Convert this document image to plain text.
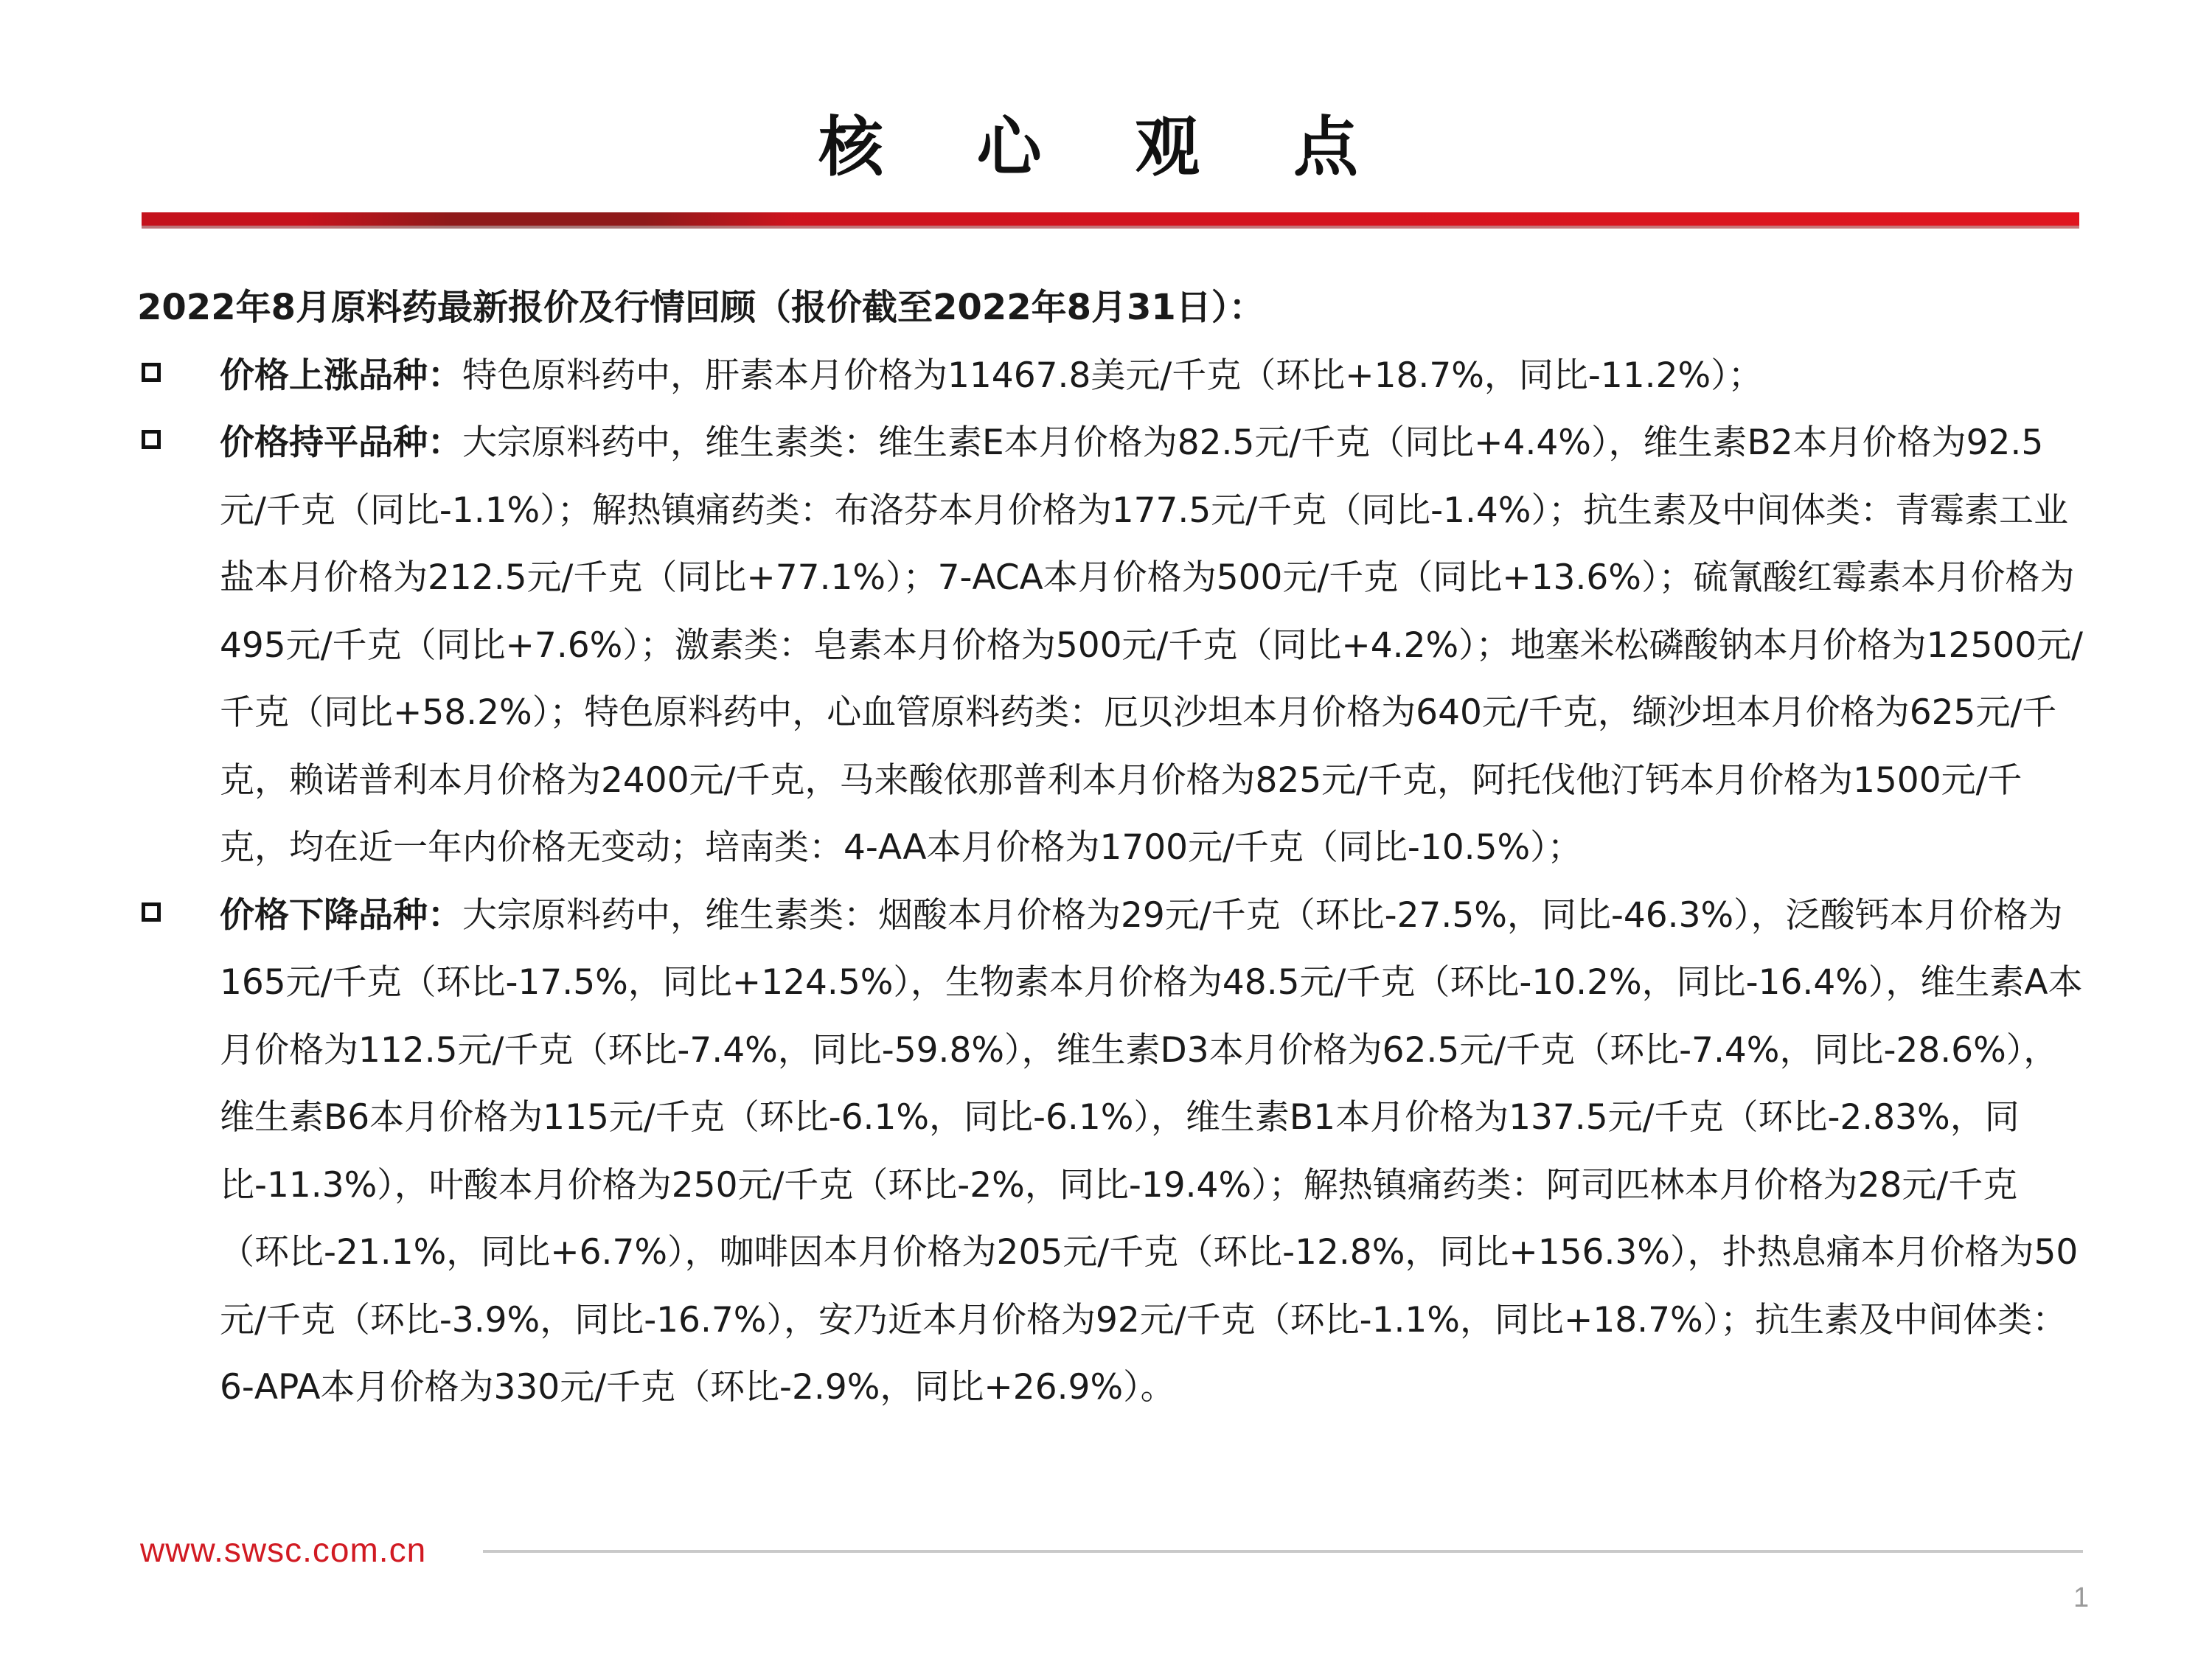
核 心 观 点

2022年8月原料药最新报价及行情回顾（报价截至2022年8月31日）：

价格上涨品种：特色原料药中，肝素本月价格为11467.8美元/千克（环比+18.7%，同比-11.2%）；

价格持平品种：大宗原料药中，维生素类：维生素E本月价格为82.5元/千克（同比+4.4%），维生素B2本月价格为92.5元/千克（同比-1.1%）；解热镇痛药类：布洛芬本月价格为177.5元/千克（同比-1.4%）；抗生素及中间体类：青霉素工业盐本月价格为212.5元/千克（同比+77.1%）；7-ACA本月价格为500元/千克（同比+13.6%）；硫氰酸红霉素本月价格为495元/千克（同比+7.6%）；激素类：皂素本月价格为500元/千克（同比+4.2%）；地塞米松磷酸钠本月价格为12500元/千克（同比+58.2%）；特色原料药中，心血管原料药类：厄贝沙坦本月价格为640元/千克，缬沙坦本月价格为625元/千克，赖诺普利本月价格为2400元/千克，马来酸依那普利本月价格为825元/千克，阿托伐他汀钙本月价格为1500元/千克，均在近一年内价格无变动；培南类：4-AA本月价格为1700元/千克（同比-10.5%）；

价格下降品种：大宗原料药中，维生素类：烟酸本月价格为29元/千克（环比-27.5%，同比-46.3%），泛酸钙本月价格为165元/千克（环比-17.5%，同比+124.5%），生物素本月价格为48.5元/千克（环比-10.2%，同比-16.4%），维生素A本月价格为112.5元/千克（环比-7.4%，同比-59.8%），维生素D3本月价格为62.5元/千克（环比-7.4%，同比-28.6%），维生素B6本月价格为115元/千克（环比-6.1%，同比-6.1%），维生素B1本月价格为137.5元/千克（环比-2.83%，同比-11.3%），叶酸本月价格为250元/千克（环比-2%，同比-19.4%）；解热镇痛药类：阿司匹林本月价格为28元/千克（环比-21.1%，同比+6.7%），咖啡因本月价格为205元/千克（环比-12.8%，同比+156.3%），扑热息痛本月价格为50元/千克（环比-3.9%，同比-16.7%），安乃近本月价格为92元/千克（环比-1.1%，同比+18.7%）；抗生素及中间体类：6-APA本月价格为330元/千克（环比-2.9%，同比+26.9%）。

www.swsc.com.cn
1
